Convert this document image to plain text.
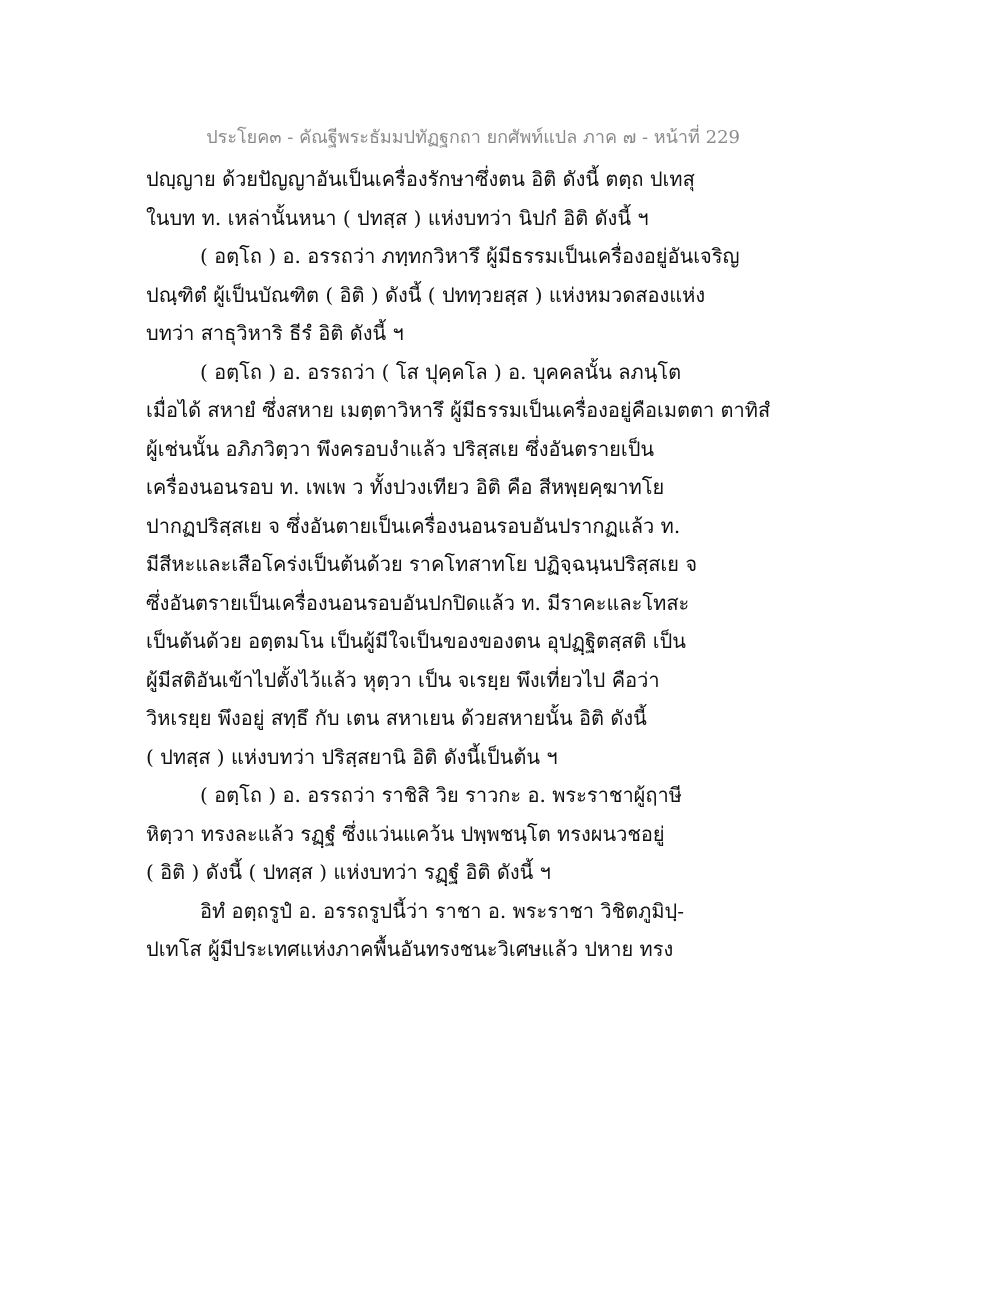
ประโยค๓ - คัณฐีพระธัมมปทัฏฐกถา ยกศัพท์แปล ภาค ๗ - หน้าที่ 229
ปญฺญาย ด้วยปัญญาอันเป็นเครื่องรักษาซึ่งตน อิติ ดังนี้ ตตฺถ ปเทสุ
ในบท ท. เหล่านั้นหนา ( ปทสฺส ) แห่งบทว่า นิปกํ อิติ ดังนี้ ฯ
( อตฺโถ ) อ. อรรถว่า ภทฺทกวิหารึ ผู้มีธรรมเป็นเครื่องอยู่อันเจริญ
ปณฺฑิตํ ผู้เป็นบัณฑิต ( อิติ ) ดังนี้ ( ปททฺวยสฺส ) แห่งหมวดสองแห่ง
บทว่า สาธุวิหาริ ธีรํ อิติ ดังนี้ ฯ
( อตฺโถ ) อ. อรรถว่า ( โส ปุคฺคโล ) อ. บุคคลนั้น ลภนฺโต
เมื่อได้ สหายํ ซึ่งสหาย เมตฺตาวิหารึ ผู้มีธรรมเป็นเครื่องอยู่คือเมตตา ตาทิสํ
ผู้เช่นนั้น อภิภวิตฺวา พึงครอบงำแล้ว ปริสฺสเย ซึ่งอันตรายเป็น
เครื่องนอนรอบ ท. เพเพ ว ทั้งปวงเทียว อิติ คือ สีหพฺยคฺฆาทโย
ปากฏปริสฺสเย จ ซึ่งอันตายเป็นเครื่องนอนรอบอันปรากฏแล้ว ท.
มีสีหะและเสือโคร่งเป็นต้นด้วย ราคโทสาทโย ปฏิจฺฉนฺนปริสฺสเย จ
ซึ่งอันตรายเป็นเครื่องนอนรอบอันปกปิดแล้ว ท. มีราคะและโทสะ
เป็นต้นด้วย อตฺตมโน เป็นผู้มีใจเป็นของของตน อุปฏฺฐิตสฺสติ เป็น
ผู้มีสติอันเข้าไปตั้งไว้แล้ว หุตฺวา เป็น จเรยฺย พึงเที่ยวไป คือว่า
วิหเรยฺย พึงอยู่ สทฺธึ กับ เตน สหาเยน ด้วยสหายนั้น อิติ ดังนี้
( ปทสฺส ) แห่งบทว่า ปริสฺสยานิ อิติ ดังนี้เป็นต้น ฯ
( อตฺโถ ) อ. อรรถว่า ราชิสิ วิย ราวกะ อ. พระราชาผู้ฤาษี
หิตฺวา ทรงละแล้ว รฏฺฐํ ซึ่งแว่นแคว้น ปพฺพชนฺโต ทรงผนวชอยู่
( อิติ ) ดังนี้ ( ปทสฺส ) แห่งบทว่า รฏฺฐํ อิติ ดังนี้ ฯ
อิทํ อตฺถรูปํ อ. อรรถรูปนี้ว่า ราชา อ. พระราชา วิชิตภูมิปฺ-
ปเทโส ผู้มีประเทศแห่งภาคพื้นอันทรงชนะวิเศษแล้ว ปหาย ทรง
